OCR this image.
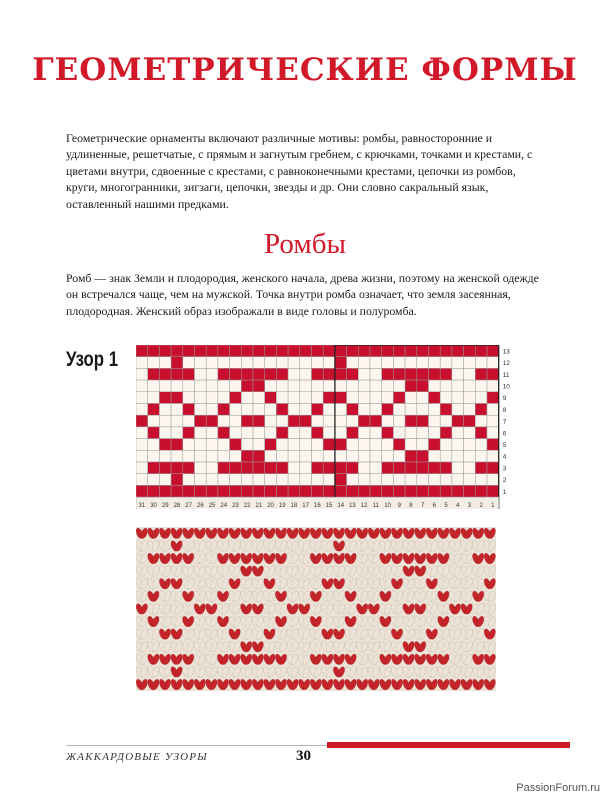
ГЕОМЕТРИЧЕСКИЕ ФОРМЫ

Геометрические орнаменты включают различные мотивы: ромбы, равносторонние и удлиненные, решетчатые, с прямым и загнутым гребнем, с крючками, точками и крестами, с цветами внутри, сдвоенные с крестами, с равноконечными крестами, цепочки из ромбов, круги, многогранники, зигзаги, цепочки, звезды и др. Они словно сакральный язык, оставленный нашими предками.

Ромбы

Ромб — знак Земли и плодородия, женского начала, древа жизни, поэтому на женской одежде он встречался чаще, чем на мужской. Точка внутри ромба означает, что земля засеянная, плодородная. Женский образ изображали в виде головы и полуромба.

Узор 1	13
12
11
10
9
8
7
6
5
4
3
2
1
31 30 29 28 27 26 25 24 23 22 21 20 19 18 17 16 15 14 13 12 11 10 9 8 7 6 5 4 3 2 1
ЖАККАРДОВЫЕ УЗОРЫ	30
PassionForum.ru
